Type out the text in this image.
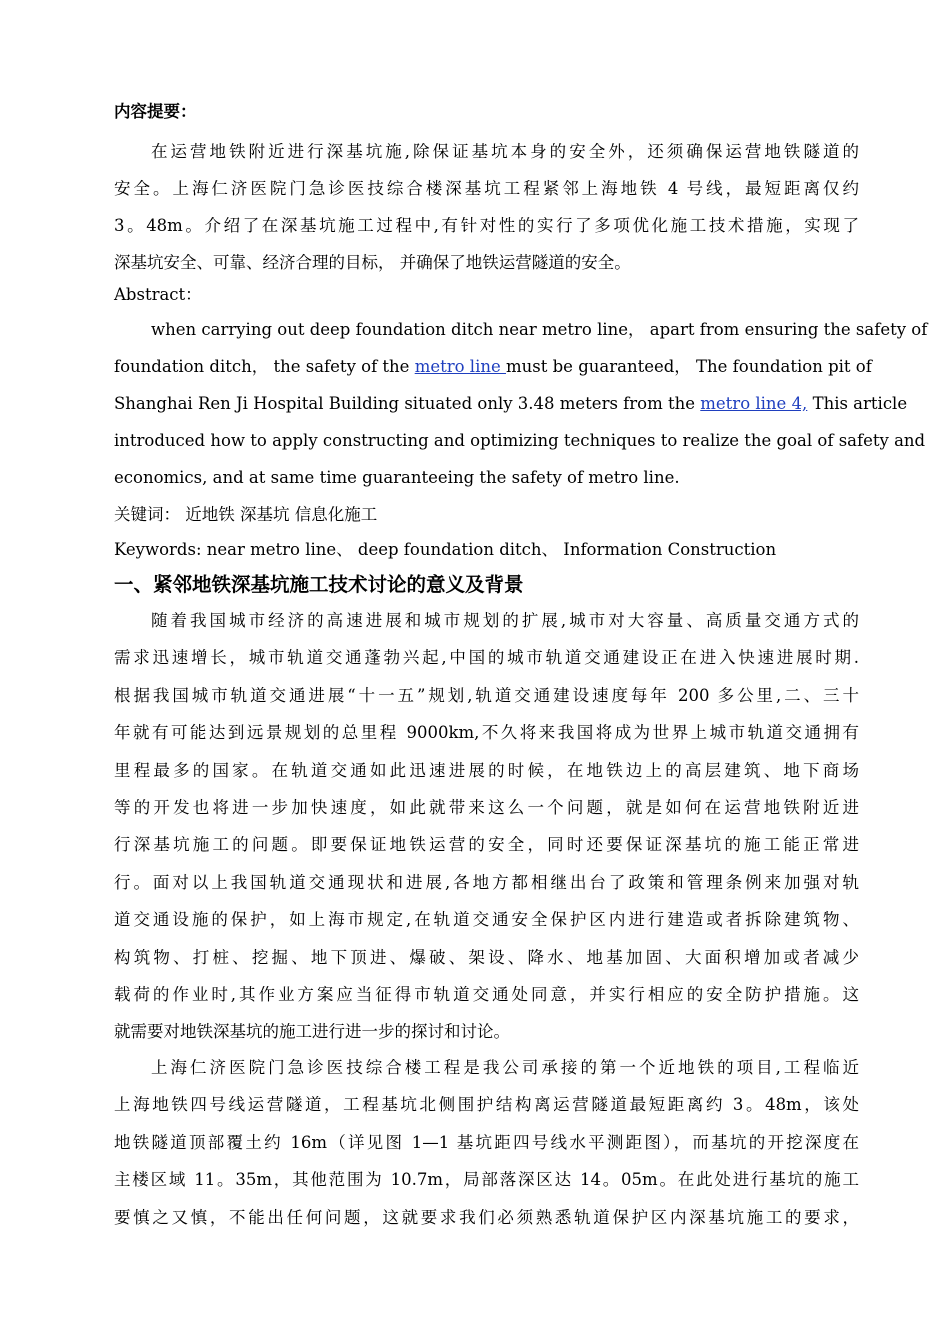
内容提要：
在运营地铁附近进行深基坑施,除保证基坑本身的安全外，还须确保运营地铁隧道的
安全。上海仁济医院门急诊医技综合楼深基坑工程紧邻上海地铁 4 号线，最短距离仅约
3。48m。介绍了在深基坑施工过程中,有针对性的实行了多项优化施工技术措施，实现了
深基坑安全、可靠、经济合理的目标， 并确保了地铁运营隧道的安全。
Abstract：
when carrying out deep foundation ditch near metro line， apart from ensuring the safety of
foundation ditch， the safety of the metro line must be guaranteed， The foundation pit of
Shanghai Ren Ji Hospital Building situated only 3.48 meters from the metro line 4, This article
introduced how to apply constructing and optimizing techniques to realize the goal of safety and
economics, and at same time guaranteeing the safety of metro line.
关键词： 近地铁 深基坑 信息化施工
Keywords: near metro line、 deep foundation ditch、 Information Construction
一、紧邻地铁深基坑施工技术讨论的意义及背景
随着我国城市经济的高速进展和城市规划的扩展,城市对大容量、高质量交通方式的
需求迅速增长，城市轨道交通蓬勃兴起,中国的城市轨道交通建设正在进入快速进展时期.
根据我国城市轨道交通进展“十一五”规划,轨道交通建设速度每年 200 多公里,二、三十
年就有可能达到远景规划的总里程 9000km,不久将来我国将成为世界上城市轨道交通拥有
里程最多的国家。在轨道交通如此迅速进展的时候，在地铁边上的高层建筑、地下商场
等的开发也将进一步加快速度，如此就带来这么一个问题，就是如何在运营地铁附近进
行深基坑施工的问题。即要保证地铁运营的安全，同时还要保证深基坑的施工能正常进
行。面对以上我国轨道交通现状和进展,各地方都相继出台了政策和管理条例来加强对轨
道交通设施的保护，如上海市规定,在轨道交通安全保护区内进行建造或者拆除建筑物、
构筑物、打桩、挖掘、地下顶进、爆破、架设、降水、地基加固、大面积增加或者减少
载荷的作业时,其作业方案应当征得市轨道交通处同意，并实行相应的安全防护措施。这
就需要对地铁深基坑的施工进行进一步的探讨和讨论。
上海仁济医院门急诊医技综合楼工程是我公司承接的第一个近地铁的项目,工程临近
上海地铁四号线运营隧道，工程基坑北侧围护结构离运营隧道最短距离约 3。48m，该处
地铁隧道顶部覆土约 16m（详见图 1—1 基坑距四号线水平测距图），而基坑的开挖深度在
主楼区域 11。35m，其他范围为 10.7m，局部落深区达 14。05m。在此处进行基坑的施工
要慎之又慎，不能出任何问题，这就要求我们必须熟悉轨道保护区内深基坑施工的要求，
